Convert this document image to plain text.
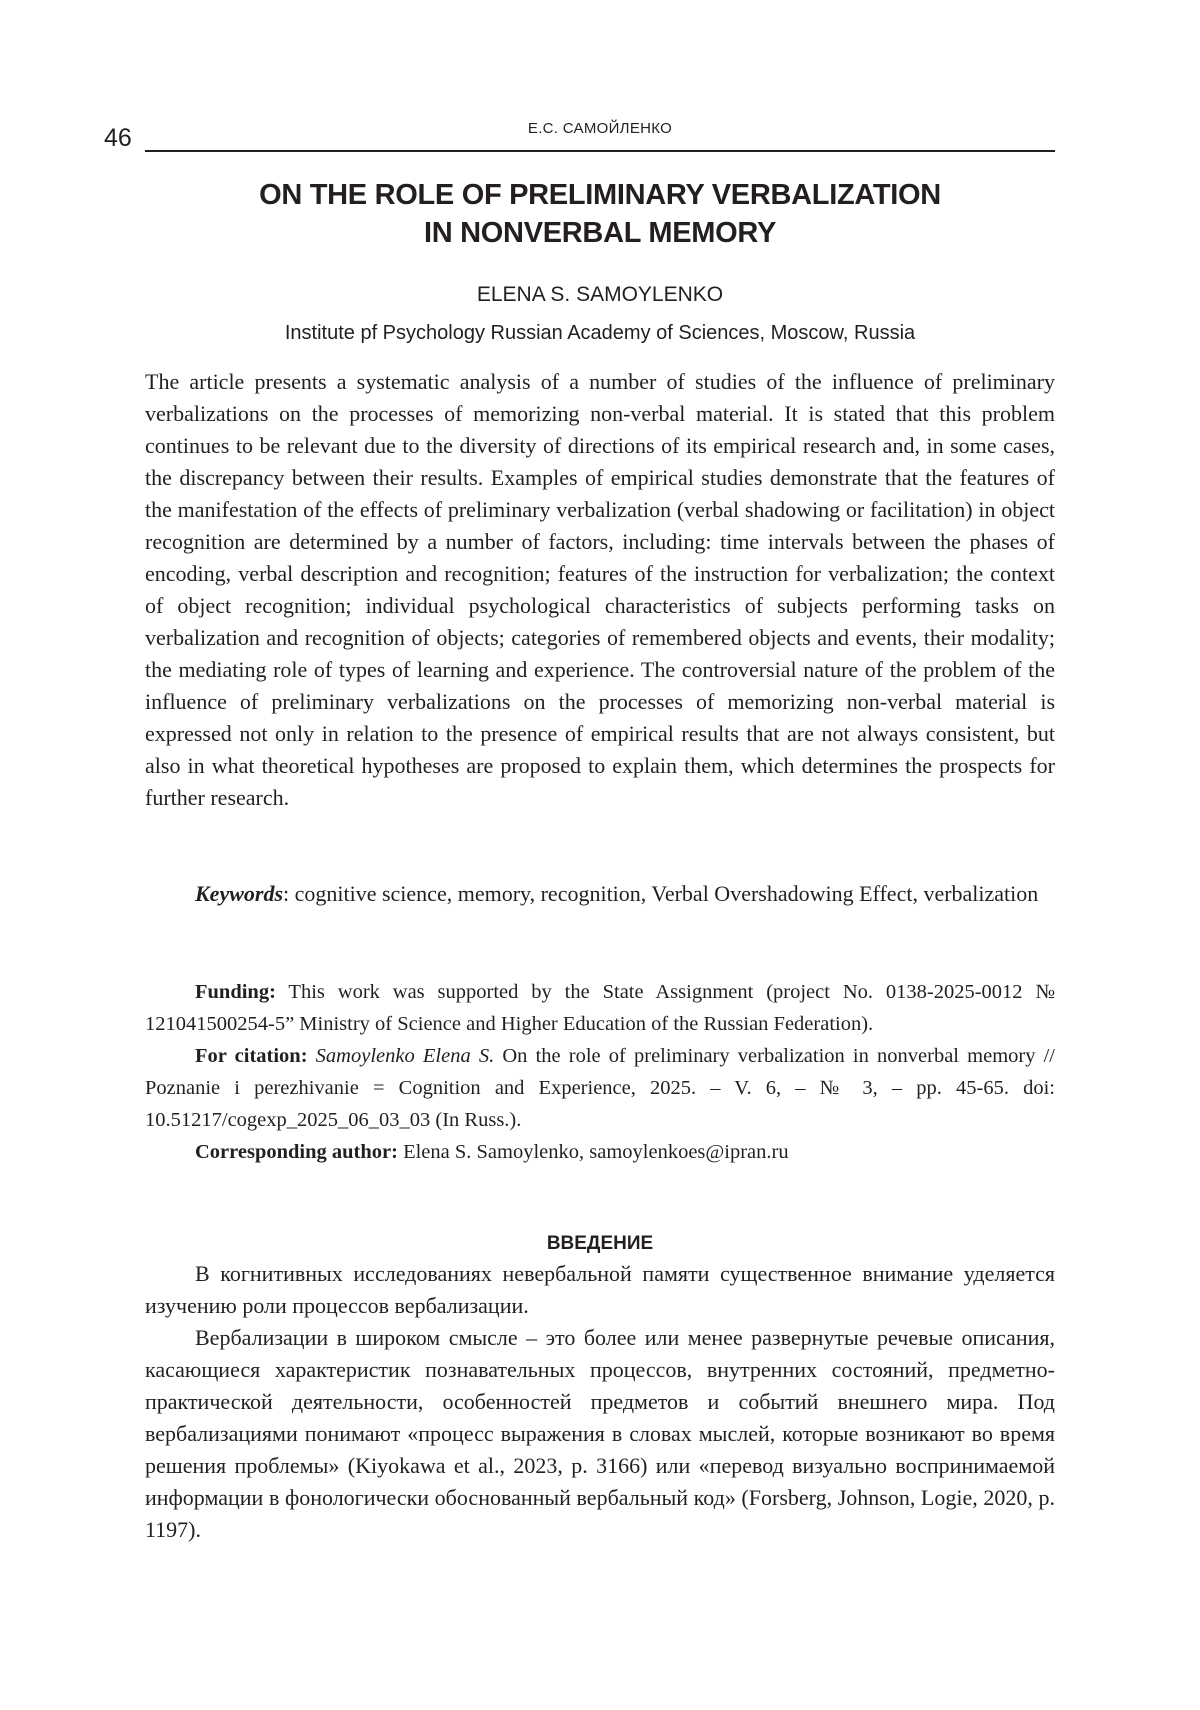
46	Е.С. САМОЙЛЕНКО
ON THE ROLE OF PRELIMINARY VERBALIZATION
IN NONVERBAL MEMORY
ELENA S. SAMOYLENKO
Institute pf Psychology Russian Academy of Sciences, Moscow, Russia

The article presents a systematic analysis of a number of studies of the influence of preliminary verbalizations on the processes of memorizing non-verbal material. It is stated that this problem continues to be relevant due to the diversity of directions of its empirical research and, in some cases, the discrepancy between their results. Examples of empirical studies demonstrate that the features of the manifestation of the effects of preliminary verbalization (verbal shadowing or facilitation) in object recognition are determined by a number of factors, including: time intervals between the phases of encoding, verbal description and recognition; features of the instruction for verbalization; the context of object recognition; individual psychological characteristics of subjects performing tasks on verbalization and recognition of objects; categories of remembered objects and events, their modality; the mediating role of types of learning and experience. The controversial nature of the problem of the influence of preliminary verbalizations on the processes of memorizing non-verbal material is expressed not only in relation to the presence of empirical results that are not always consistent, but also in what theoretical hypotheses are proposed to explain them, which determines the prospects for further research.

Keywords: cognitive science, memory, recognition, Verbal Overshadowing Effect, verbalization

Funding: This work was supported by the State Assignment (project No. 0138-2025-0012 № 121041500254-5” Ministry of Science and Higher Education of the Russian Federation).

For citation: Samoylenko Elena S. On the role of preliminary verbalization in nonverbal memory // Poznanie i perezhivanie = Cognition and Experience, 2025. – V. 6, – № 3, – pp. 45-65. doi: 10.51217/cogexp_2025_06_03_03 (In Russ.).

Corresponding author: Elena S. Samoylenko, samoylenkoes@ipran.ru

ВВЕДЕНИЕ

В когнитивных исследованиях невербальной памяти существенное внимание уделяется изучению роли процессов вербализации.

Вербализации в широком смысле – это более или менее развернутые речевые описания, касающиеся характеристик познавательных процессов, внутренних состояний, предметно-практической деятельности, особенностей предметов и событий внешнего мира. Под вербализациями понимают «процесс выражения в словах мыслей, которые возникают во время решения проблемы» (Kiyokawa et al., 2023, p. 3166) или «перевод визуально воспринимаемой информации в фонологически обоснованный вербальный код» (Forsberg, Johnson, Logie, 2020, p. 1197).
